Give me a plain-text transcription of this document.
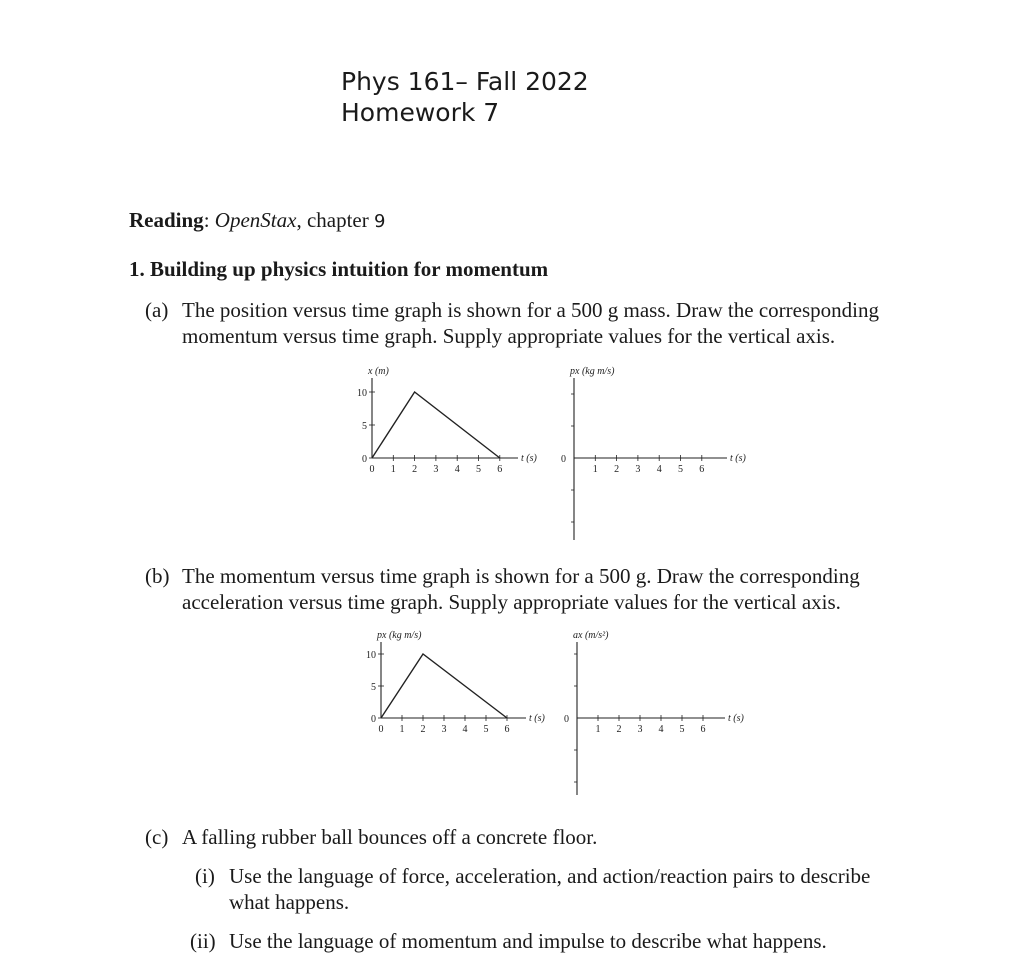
Phys 161– Fall 2022
Homework 7
Reading: OpenStax, chapter 9
1. Building up physics intuition for momentum
(a) The position versus time graph is shown for a 500 g mass. Draw the corresponding
momentum versus time graph. Supply appropriate values for the vertical axis.
(b) The momentum versus time graph is shown for a 500 g. Draw the corresponding
acceleration versus time graph. Supply appropriate values for the vertical axis.
(c) A falling rubber ball bounces off a concrete floor.
(i) Use the language of force, acceleration, and action/reaction pairs to describe
what happens.
(ii) Use the language of momentum and impulse to describe what happens.
x (m)
t (s)
0 1 2 3 4 5 6
0
5
10
px (kg m/s)
t (s)
1 2 3 4 5 6
0
px (kg m/s)
t (s)
0 1 2 3 4 5 6
0
5
10
ax (m/s²)
t (s)
1 2 3 4 5 6
0
